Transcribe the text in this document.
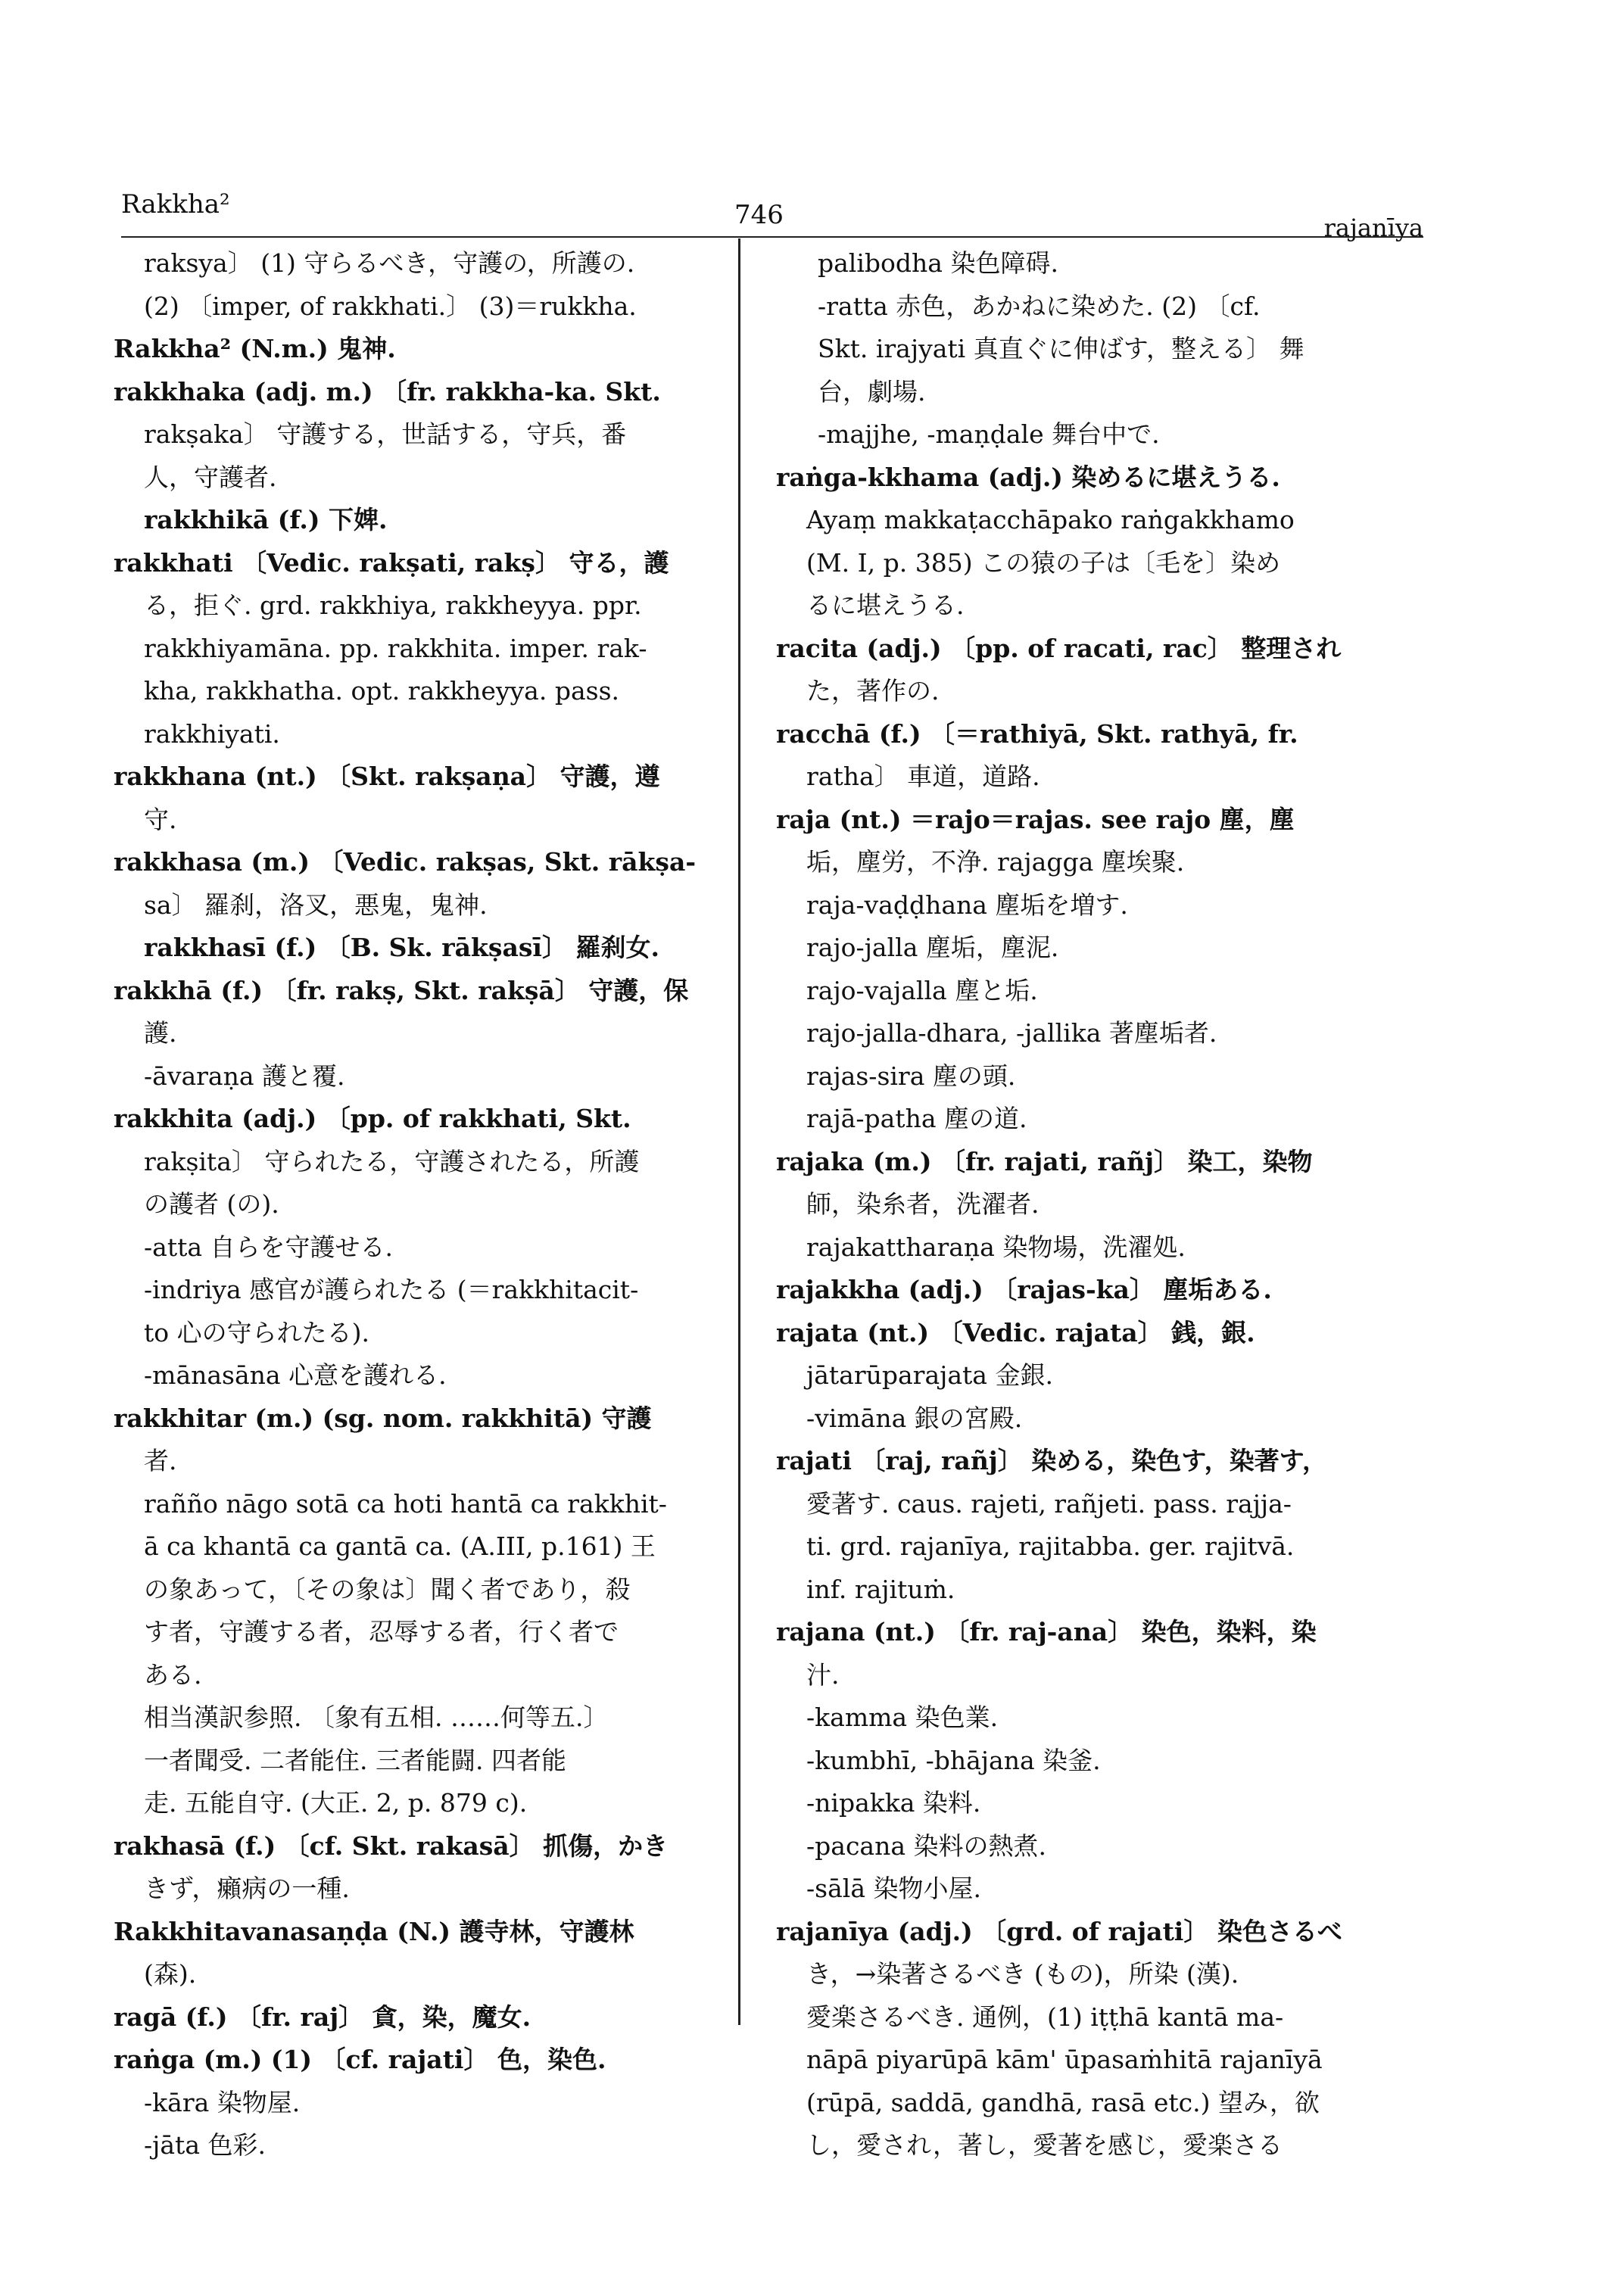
Rakkha²	746	rajanīya
raksya〕 (1) 守らるべき，守護の，所護の.
(2) 〔imper, of rakkhati.〕 (3)＝rukkha.
Rakkha² (N.m.) 鬼神.
rakkhaka (adj. m.) 〔fr. rakkha-ka. Skt.
rakṣaka〕 守護する，世話する，守兵，番
人，守護者.
rakkhikā (f.) 下婢.
rakkhati 〔Vedic. rakṣati, rakṣ〕 守る，護
る，拒ぐ. grd. rakkhiya, rakkheyya. ppr.
rakkhiyamāna. pp. rakkhita. imper. rak-
kha, rakkhatha. opt. rakkheyya. pass.
rakkhiyati.
rakkhana (nt.) 〔Skt. rakṣaṇa〕 守護，遵
守.
rakkhasa (m.) 〔Vedic. rakṣas, Skt. rākṣa-
sa〕 羅刹，洛叉，悪鬼，鬼神.
rakkhasī (f.) 〔B. Sk. rākṣasī〕 羅刹女.
rakkhā (f.) 〔fr. rakṣ, Skt. rakṣā〕 守護，保
護.
-āvaraṇa 護と覆.
rakkhita (adj.) 〔pp. of rakkhati, Skt.
rakṣita〕 守られたる，守護されたる，所護
の護者 (の).
-atta 自らを守護せる.
-indriya 感官が護られたる (＝rakkhitacit-
to 心の守られたる).
-mānasāna 心意を護れる.
rakkhitar (m.) (sg. nom. rakkhitā) 守護
者.
rañño nāgo sotā ca hoti hantā ca rakkhit-
ā ca khantā ca gantā ca. (A.III, p.161) 王
の象あって，〔その象は〕聞く者であり，殺
す者，守護する者，忍辱する者，行く者で
ある.
相当漢訳参照. 〔象有五相. ……何等五.〕
一者聞受. 二者能住. 三者能闘. 四者能
走. 五能自守. (大正. 2, p. 879 c).
rakhasā (f.) 〔cf. Skt. rakasā〕 抓傷，かき
きず，癩病の一種.
Rakkhitavanasaṇḍa (N.) 護寺林，守護林
(森).
ragā (f.) 〔fr. raj〕 貪，染，魔女.
raṅga (m.) (1) 〔cf. rajati〕 色，染色.
-kāra 染物屋.
-jāta 色彩.
palibodha 染色障碍.
-ratta 赤色，あかねに染めた. (2) 〔cf.
Skt. irajyati 真直ぐに伸ばす，整える〕 舞
台，劇場.
-majjhe, -maṇḍale 舞台中で.
raṅga-kkhama (adj.) 染めるに堪えうる.
Ayaṃ makkaṭacchāpako raṅgakkhamo
(M. I, p. 385) この猿の子は〔毛を〕染め
るに堪えうる.
racita (adj.) 〔pp. of racati, rac〕 整理され
た，著作の.
racchā (f.) 〔＝rathiyā, Skt. rathyā, fr.
ratha〕 車道，道路.
raja (nt.) ＝rajo＝rajas. see rajo 塵，塵
垢，塵労，不浄. rajagga 塵埃聚.
raja-vaḍḍhana 塵垢を増す.
rajo-jalla 塵垢，塵泥.
rajo-vajalla 塵と垢.
rajo-jalla-dhara, -jallika 著塵垢者.
rajas-sira 塵の頭.
rajā-patha 塵の道.
rajaka (m.) 〔fr. rajati, rañj〕 染工，染物
師，染糸者，洗濯者.
rajakattharaṇa 染物場，洗濯処.
rajakkha (adj.) 〔rajas-ka〕 塵垢ある.
rajata (nt.) 〔Vedic. rajata〕 銭，銀.
jātarūparajata 金銀.
-vimāna 銀の宮殿.
rajati 〔raj, rañj〕 染める，染色す，染著す，
愛著す. caus. rajeti, rañjeti. pass. rajja-
ti. grd. rajanīya, rajitabba. ger. rajitvā.
inf. rajituṁ.
rajana (nt.) 〔fr. raj-ana〕 染色，染料，染
汁.
-kamma 染色業.
-kumbhī, -bhājana 染釜.
-nipakka 染料.
-pacana 染料の熱煮.
-sālā 染物小屋.
rajanīya (adj.) 〔grd. of rajati〕 染色さるべ
き，→染著さるべき (もの)，所染 (漢).
愛楽さるべき. 通例，(1) iṭṭhā kantā ma-
nāpā piyarūpā kām' ūpasaṁhitā rajanīyā
(rūpā, saddā, gandhā, rasā etc.) 望み，欲
し，愛され，著し，愛著を感じ，愛楽さる
